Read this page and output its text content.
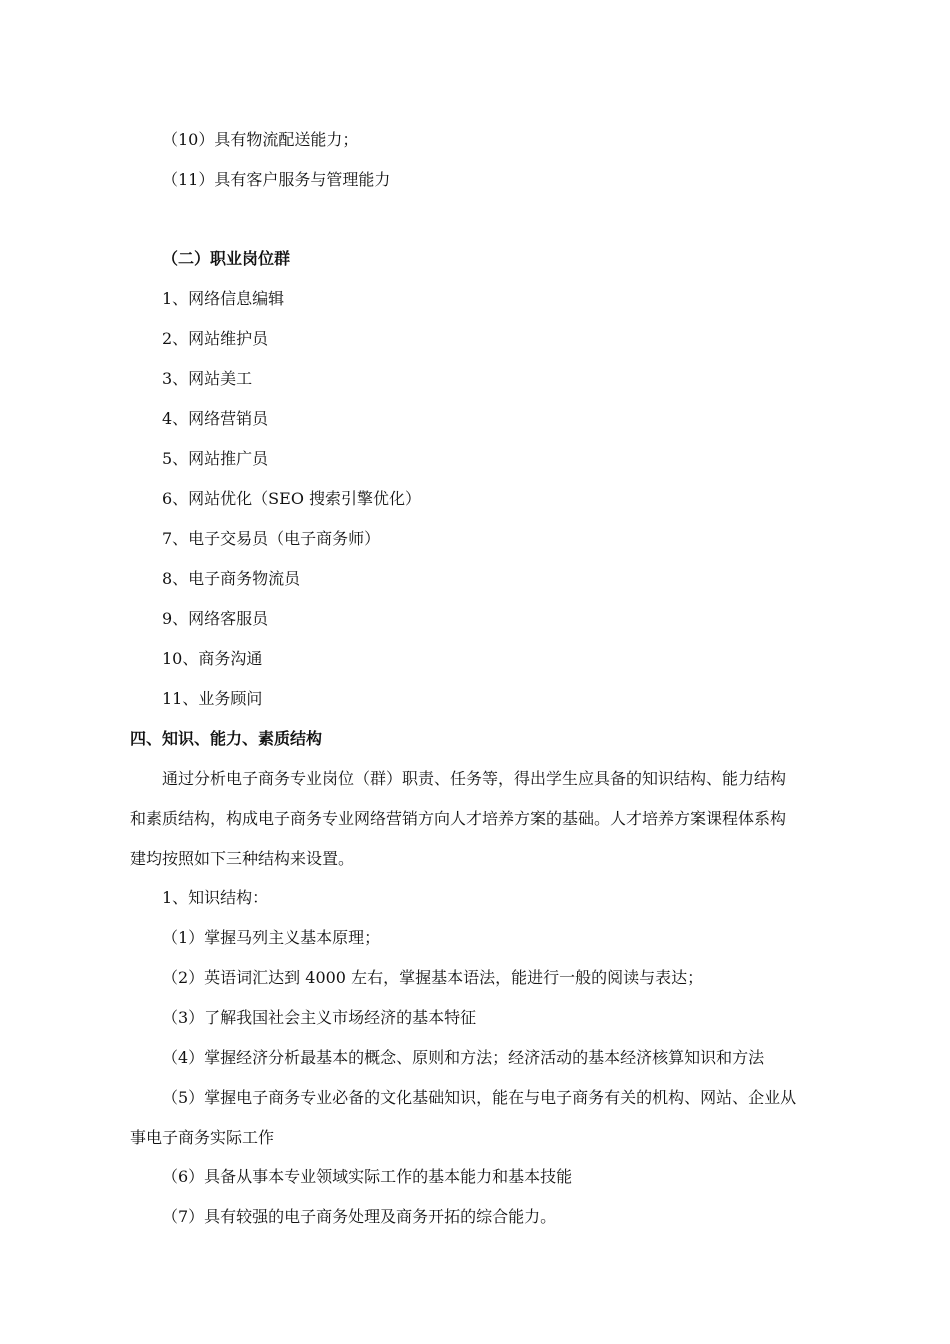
（10）具有物流配送能力；
（11）具有客户服务与管理能力
（二）职业岗位群
1、网络信息编辑
2、网站维护员
3、网站美工
4、网络营销员
5、网站推广员
6、网站优化（SEO 搜索引擎优化）
7、电子交易员（电子商务师）
8、电子商务物流员
9、网络客服员
10、商务沟通
11、业务顾问
四、知识、能力、素质结构
通过分析电子商务专业岗位（群）职责、任务等，得出学生应具备的知识结构、能力结构
和素质结构，构成电子商务专业网络营销方向人才培养方案的基础。人才培养方案课程体系构
建均按照如下三种结构来设置。
1、知识结构：
（1）掌握马列主义基本原理；
（2）英语词汇达到 4000 左右，掌握基本语法，能进行一般的阅读与表达；
（3）了解我国社会主义市场经济的基本特征
（4）掌握经济分析最基本的概念、原则和方法；经济活动的基本经济核算知识和方法
（5）掌握电子商务专业必备的文化基础知识，能在与电子商务有关的机构、网站、企业从
事电子商务实际工作
（6）具备从事本专业领域实际工作的基本能力和基本技能
（7）具有较强的电子商务处理及商务开拓的综合能力。
